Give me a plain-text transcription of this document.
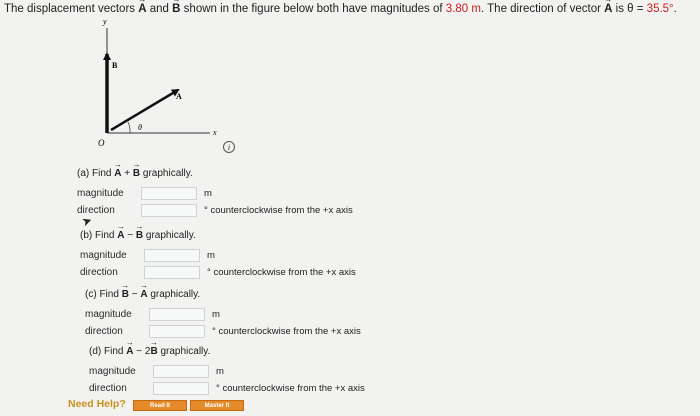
The displacement vectors → A and → B shown in the figure below both have magnitudes of 3.80 m. The direction of vector → A is θ = 35.5°.
y
x
O
B
A
θ
i
(a) Find → A + → B graphically.
magnitude	m
direction	° counterclockwise from the +x axis
➤
(b) Find → A − → B graphically.
magnitude	m
direction	° counterclockwise from the +x axis
(c) Find → B − → A graphically.
magnitude	m
direction	° counterclockwise from the +x axis
(d) Find → A − 2→ B graphically.
magnitude	m
direction	° counterclockwise from the +x axis
Need Help?	Read It	Master It
